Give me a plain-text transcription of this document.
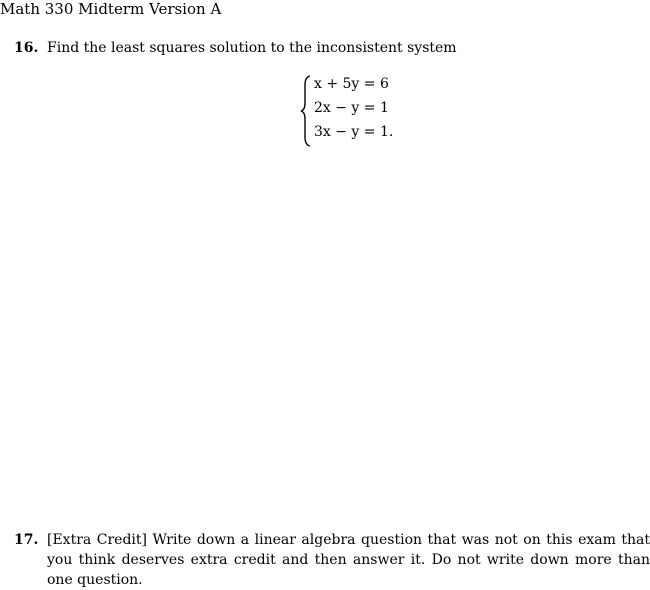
Math 330 Midterm Version A
16. Find the least squares solution to the inconsistent system
x + 5y = 6
2x − y = 1
3x − y = 1.
17. [Extra Credit] Write down a linear algebra question that was not on this exam that you think deserves extra credit and then answer it. Do not write down more than one question.
